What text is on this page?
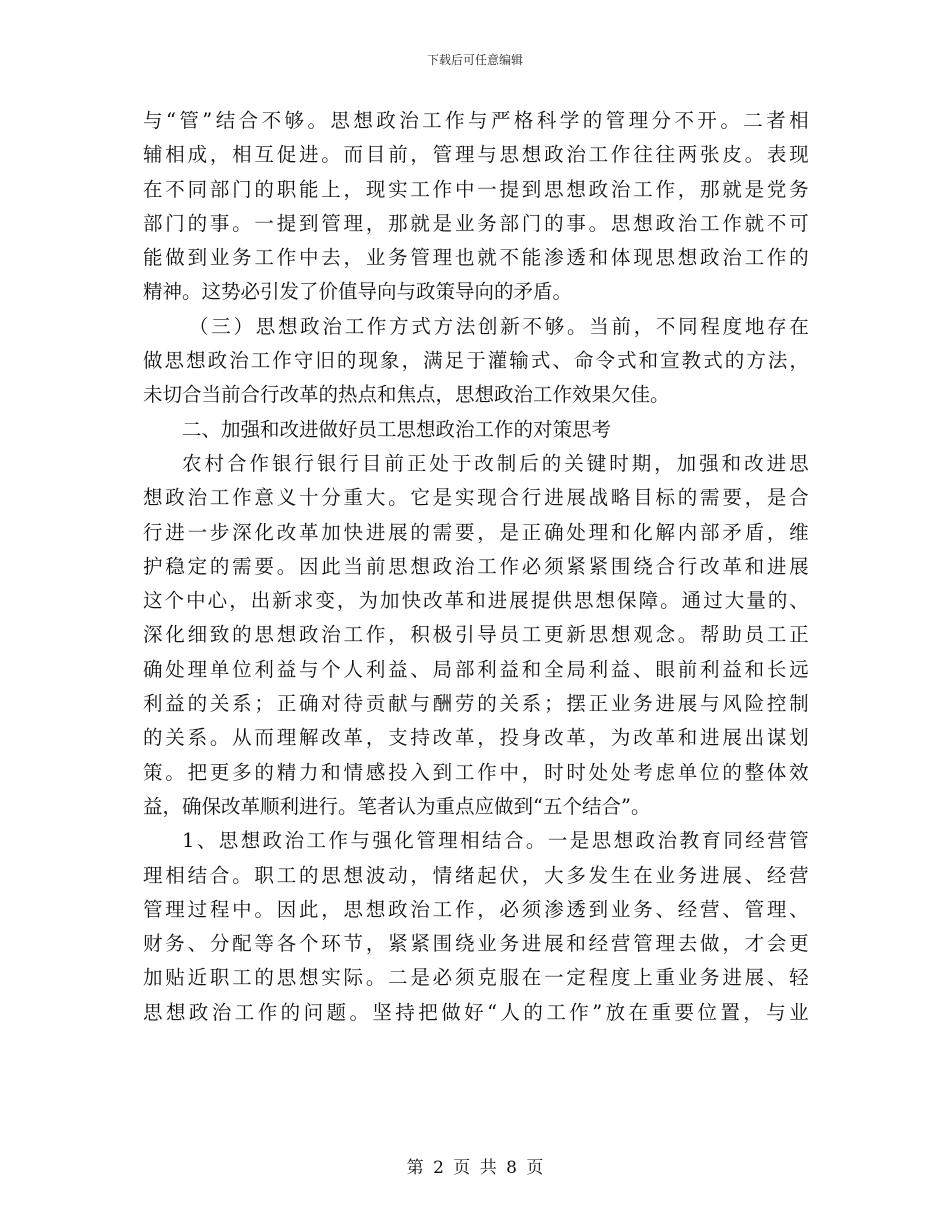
下载后可任意编辑
与 “ 管 ” 结 合 不 够 。 思 想 政 治 工 作 与 严 格 科 学 的 管 理 分 不 开 。 二 者 相
辅 相 成 ， 相 互 促 进 。 而 目 前 ， 管 理 与 思 想 政 治 工 作 往 往 两 张 皮 。 表 现
在 不 同 部 门 的 职 能 上 ， 现 实 工 作 中 一 提 到 思 想 政 治 工 作 ， 那 就 是 党 务
部 门 的 事 。 一 提 到 管 理 ， 那 就 是 业 务 部 门 的 事 。 思 想 政 治 工 作 就 不 可
能 做 到 业 务 工 作 中 去 ， 业 务 管 理 也 就 不 能 渗 透 和 体 现 思 想 政 治 工 作 的
精神。这势必引发了价值导向与政策导向的矛盾。
（ 三 ） 思 想 政 治 工 作 方 式 方 法 创 新 不 够 。 当 前 ， 不 同 程 度 地 存 在
做 思 想 政 治 工 作 守 旧 的 现 象 ， 满 足 于 灌 输 式 、 命 令 式 和 宣 教 式 的 方 法 ，
未切合当前合行改革的热点和焦点，思想政治工作效果欠佳。
二、加强和改进做好员工思想政治工作的对策思考
农 村 合 作 银 行 银 行 目 前 正 处 于 改 制 后 的 关 键 时 期 ， 加 强 和 改 进 思
想 政 治 工 作 意 义 十 分 重 大 。 它 是 实 现 合 行 进 展 战 略 目 标 的 需 要 ， 是 合
行 进 一 步 深 化 改 革 加 快 进 展 的 需 要 ， 是 正 确 处 理 和 化 解 内 部 矛 盾 ， 维
护 稳 定 的 需 要 。 因 此 当 前 思 想 政 治 工 作 必 须 紧 紧 围 绕 合 行 改 革 和 进 展
这 个 中 心 ， 出 新 求 变 ， 为 加 快 改 革 和 进 展 提 供 思 想 保 障 。 通 过 大 量 的 、
深 化 细 致 的 思 想 政 治 工 作 ， 积 极 引 导 员 工 更 新 思 想 观 念 。 帮 助 员 工 正
确 处 理 单 位 利 益 与 个 人 利 益 、 局 部 利 益 和 全 局 利 益 、 眼 前 利 益 和 长 远
利 益 的 关 系 ； 正 确 对 待 贡 献 与 酬 劳 的 关 系 ； 摆 正 业 务 进 展 与 风 险 控 制
的 关 系 。 从 而 理 解 改 革 ， 支 持 改 革 ， 投 身 改 革 ， 为 改 革 和 进 展 出 谋 划
策 。 把 更 多 的 精 力 和 情 感 投 入 到 工 作 中 ， 时 时 处 处 考 虑 单 位 的 整 体 效
益，确保改革顺利进行。笔者认为重点应做到“五个结合”。
1 、 思 想 政 治 工 作 与 强 化 管 理 相 结 合 。 一 是 思 想 政 治 教 育 同 经 营 管
理 相 结 合 。 职 工 的 思 想 波 动 ， 情 绪 起 伏 ， 大 多 发 生 在 业 务 进 展 、 经 营
管 理 过 程 中 。 因 此 ， 思 想 政 治 工 作 ， 必 须 渗 透 到 业 务 、 经 营 、 管 理 、
财 务 、 分 配 等 各 个 环 节 ， 紧 紧 围 绕 业 务 进 展 和 经 营 管 理 去 做 ， 才 会 更
加 贴 近 职 工 的 思 想 实 际 。 二 是 必 须 克 服 在 一 定 程 度 上 重 业 务 进 展 、 轻
思 想 政 治 工 作 的 问 题 。 坚 持 把 做 好 “ 人 的 工 作 ” 放 在 重 要 位 置 ， 与 业
第 2 页 共 8 页
